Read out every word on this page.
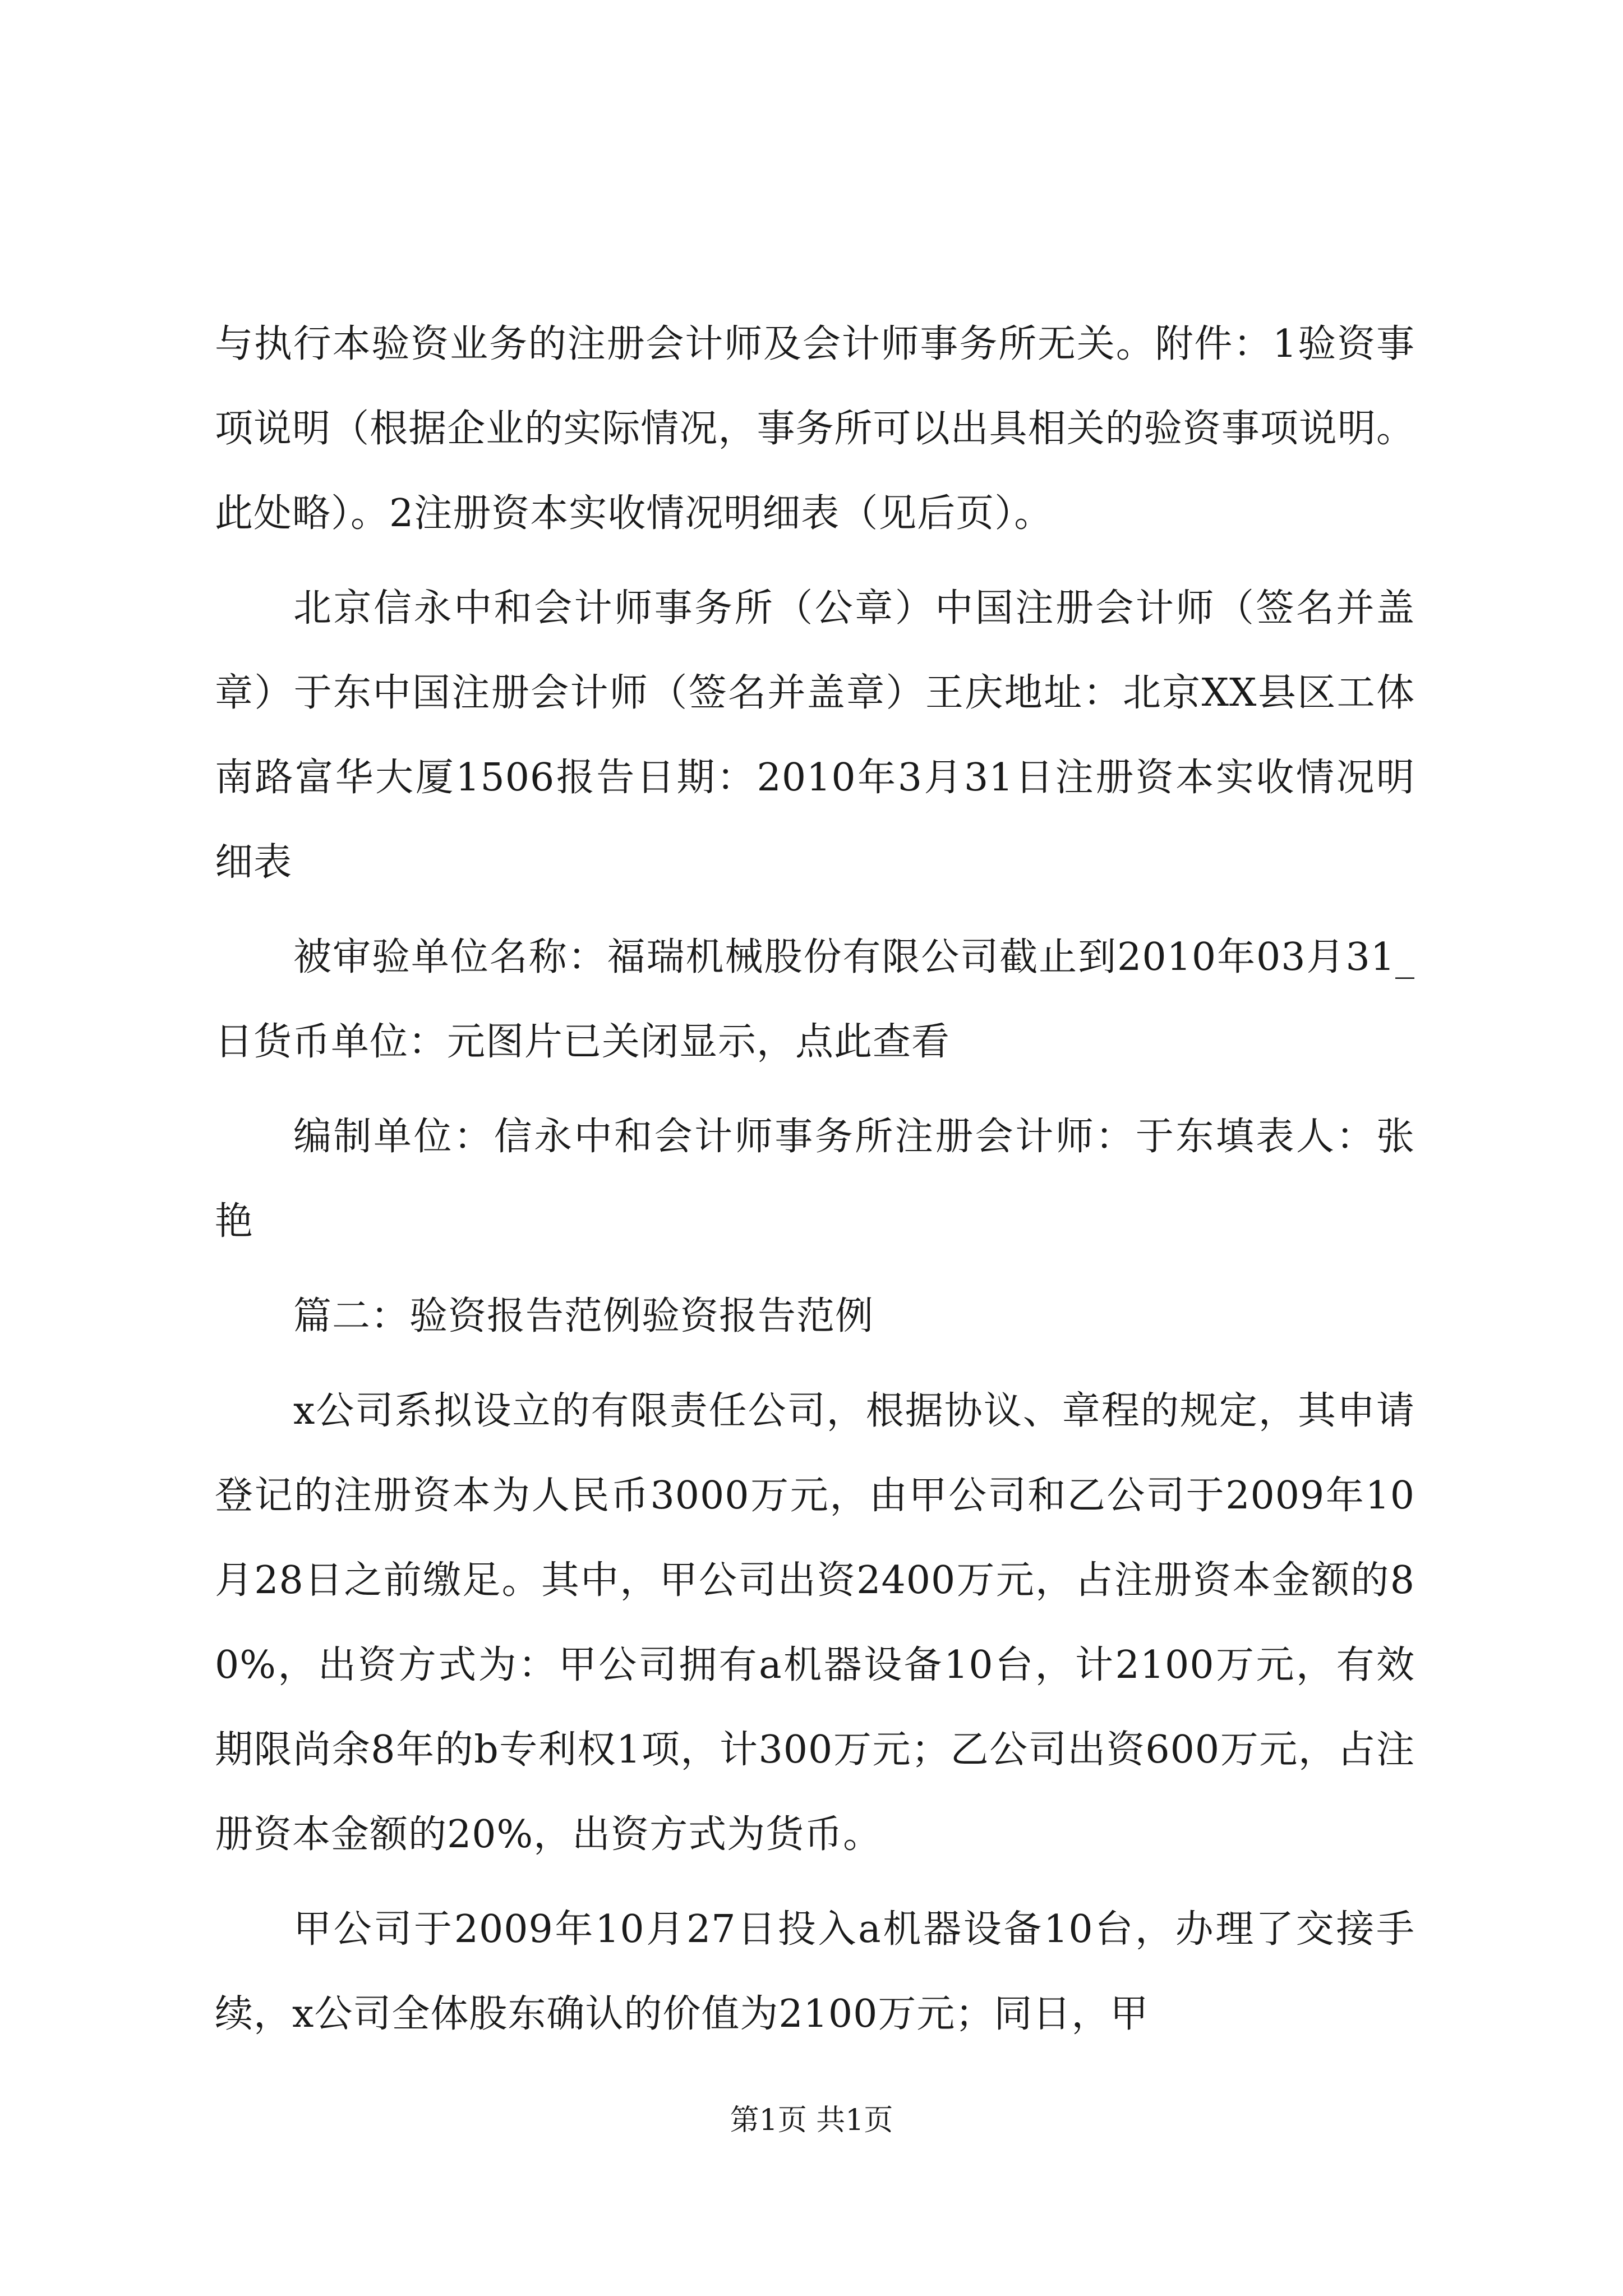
与执行本验资业务的注册会计师及会计师事务所无关。附件：1验资事项说明（根据企业的实际情况，事务所可以出具相关的验资事项说明。此处略）。2注册资本实收情况明细表（见后页）。

北京信永中和会计师事务所（公章）中国注册会计师（签名并盖章）于东中国注册会计师（签名并盖章）王庆地址：北京XX县区工体南路富华大厦1506报告日期：2010年3月31日注册资本实收情况明细表

被审验单位名称：福瑞机械股份有限公司截止到2010年03月31_日货币单位：元图片已关闭显示，点此查看

编制单位：信永中和会计师事务所注册会计师：于东填表人：张艳

篇二：验资报告范例验资报告范例

x公司系拟设立的有限责任公司，根据协议、章程的规定，其申请登记的注册资本为人民币3000万元，由甲公司和乙公司于2009年10月28日之前缴足。其中，甲公司出资2400万元，占注册资本金额的80%，出资方式为：甲公司拥有a机器设备10台，计2100万元，有效期限尚余8年的b专利权1项，计300万元；乙公司出资600万元，占注册资本金额的20%，出资方式为货币。

甲公司于2009年10月27日投入a机器设备10台，办理了交接手续，x公司全体股东确认的价值为2100万元；同日，甲

第1页 共1页
